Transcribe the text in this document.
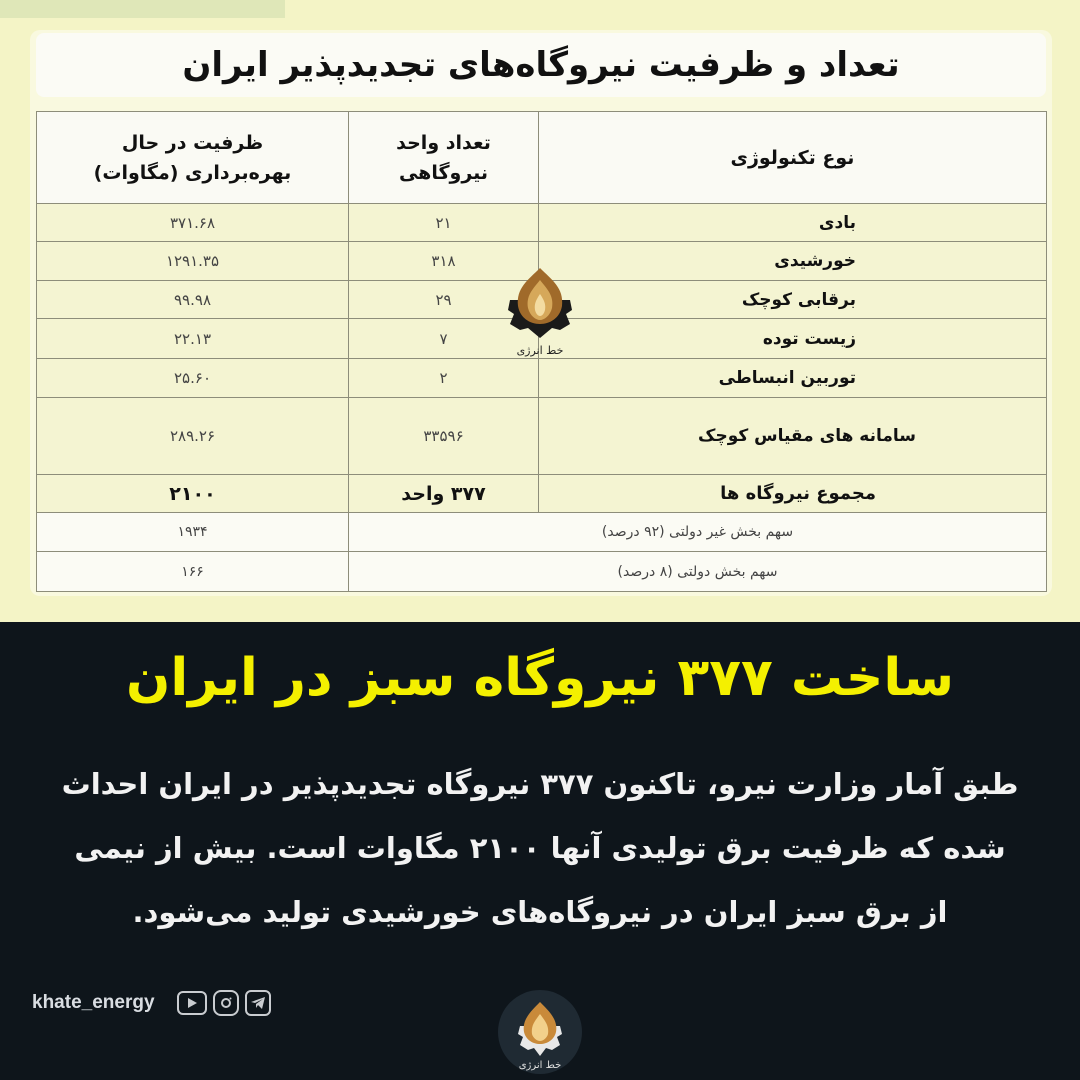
تعداد و ظرفیت نیروگاه‌های تجدیدپذیر ایران
نوع تکنولوژی	تعداد واحد نیروگاهی	ظرفیت در حال بهره‌برداری (مگاوات)
بادی	۲۱	۳۷۱.۶۸
خورشیدی	۳۱۸	۱۲۹۱.۳۵
برقابی کوچک	۲۹	۹۹.۹۸
زیست توده	۷	۲۲.۱۳
توربین انبساطی	۲	۲۵.۶۰
سامانه های مقیاس کوچک	۳۳۵۹۶	۲۸۹.۲۶
مجموع نیروگاه ها	۳۷۷ واحد	۲۱۰۰
سهم بخش غیر دولتی (۹۲ درصد)		۱۹۳۴
سهم بخش دولتی (۸ درصد)		۱۶۶
خط انرژی
ساخت ۳۷۷ نیروگاه سبز در ایران
طبق آمار وزارت نیرو، تاکنون ۳۷۷ نیروگاه تجدیدپذیر در ایران احداث
شده که ظرفیت برق تولیدی آنها ۲۱۰۰ مگاوات است. بیش از نیمی
از برق سبز ایران در نیروگاه‌های خورشیدی تولید می‌شود.
khate_energy
خط انرژی
